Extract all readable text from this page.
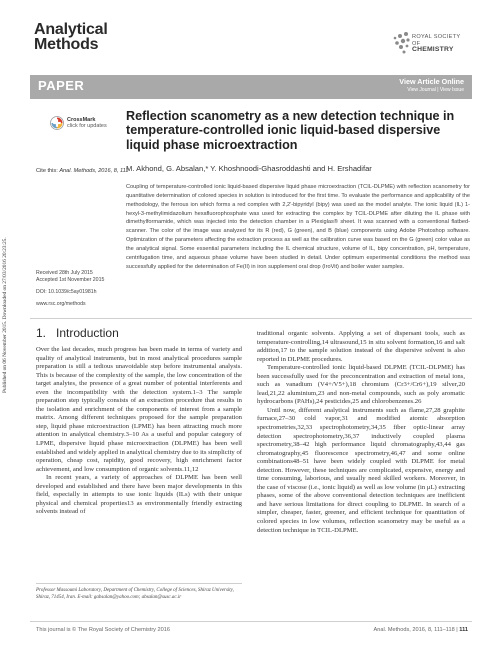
Published on 06 November 2015. Downloaded on 27/03/2016 20:23:25.
Analytical
Methods	ROYAL SOCIETY
OF
CHEMISTRY
PAPER	View Article Online
View Journal | View Issue
CrossMark
click for updates
Cite this: Anal. Methods, 2016, 8, 111
Reflection scanometry as a new detection technique in temperature-controlled ionic liquid-based dispersive liquid phase microextraction
M. Akhond, G. Absalan,* Y. Khoshnoodi-Ghasroddashti and H. Ershadifar
Coupling of temperature-controlled ionic liquid-based dispersive liquid phase microextraction (TCIL-DLPME) with reflection scanometry for quantitative determination of colored species in solution is introduced for the first time. To evaluate the performance and applicability of the methodology, the ferrous ion which forms a red complex with 2,2′-bipyridyl (bipy) was used as the model analyte. The ionic liquid (IL) 1-hexyl-3-methylimidazolium hexafluorophosphate was used for extracting the complex by TCIL-DLPME after diluting the IL phase with dimethylformamide, which was injected into the detection chamber in a Plexiglas® sheet. It was scanned with a conventional flatbed-scanner. The color of the image was analyzed for its R (red), G (green), and B (blue) components using Adobe Photoshop software. Optimization of the parameters affecting the extraction process as well as the calibration curve was based on the G (green) color value as the analytical signal. Some essential parameters including the IL chemical structure, volume of IL, bipy concentration, pH, temperature, centrifugation time, and aqueous phase volume have been studied in detail. Under optimum experimental conditions the method was successfully applied for the determination of Fe(II) in iron supplement oral drop (IroVit) and boiler water samples.
Received 28th July 2015
Accepted 1st November 2015
DOI: 10.1039/c5ay01981h
www.rsc.org/methods
1. Introduction

Over the last decades, much progress has been made in terms of variety and quality of analytical instruments, but in most analytical procedures sample preparation is still a tedious unavoidable step before instrumental analysis. This is because of the complexity of the sample, the low concentration of the target analytes, the presence of a great number of potential interferents and even the incompatibility with the detection system.1–3 The sample preparation step typically consists of an extraction procedure that results in the isolation and enrichment of the components of interest from a sample matrix. Among different techniques proposed for the sample preparation step, liquid phase microextraction (LPME) has been attracting much more attention in analytical chemistry.3–10 As a useful and popular category of LPME, dispersive liquid phase microextraction (DLPME) has been well established and widely applied in analytical chemistry due to its simplicity of operation, cheap cost, rapidity, good recovery, high enrichment factor achievement, and low consumption of organic solvents.11,12

In recent years, a variety of approaches of DLPME has been well developed and established and there have been major developments in this field, especially in attempts to use ionic liquids (ILs) with their unique physical and chemical properties13 as environmentally friendly extracting solvents instead of

traditional organic solvents. Applying a set of dispersant tools, such as temperature-controlling,14 ultrasound,15 in situ solvent formation,16 and salt addition,17 to the sample solution instead of the dispersive solvent is also reported in DLPME procedures.

Temperature-controlled ionic liquid-based DLPME (TCIL-DLPME) has been successfully used for the preconcentration and extraction of metal ions, such as vanadium (V4+/V5+),18 chromium (Cr3+/Cr6+),19 silver,20 lead,21,22 aluminium,23 and non-metal compounds, such as poly aromatic hydrocarbons (PAHs),24 pesticides,25 and chlorobenzenes.26

Until now, different analytical instruments such as flame,27,28 graphite furnace,27–30 cold vapor,31 and modified atomic absorption spectrometries,32,33 spectrophotometry,34,35 fiber optic-linear array detection spectrophotometry,36,37 inductively coupled plasma spectrometry,38–42 high performance liquid chromatography,43,44 gas chromatography,45 fluorescence spectrometry,46,47 and some online combinations48–51 have been widely coupled with DLPME for metal detection. However, these techniques are complicated, expensive, energy and time consuming, laborious, and usually need skilled workers. Moreover, in the case of viscose (i.e., ionic liquid) as well as low volume (in μL) extracting phases, some of the above conventional detection techniques are inefficient and have serious limitations for direct coupling to DLPME. In search of a simpler, cheaper, faster, greener, and efficient technique for quantitation of colored species in low volumes, reflection scanometry may be useful as a detection technique in TCIL-DLPME.

Professor Massoumi Laboratory, Department of Chemistry, College of Sciences, Shiraz University, Shiraz, 71454, Iran. E-mail: gabsalan@yahoo.com; absalan@susc.ac.ir
This journal is © The Royal Society of Chemistry 2016	Anal. Methods, 2016, 8, 111–118 | 111
